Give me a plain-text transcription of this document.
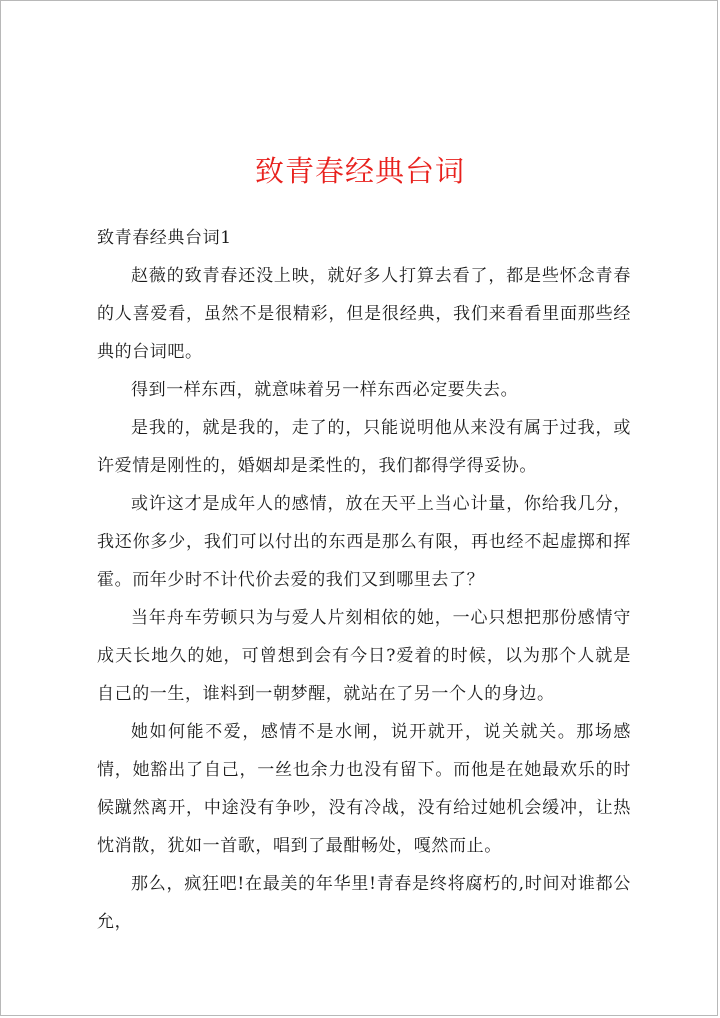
致青春经典台词

致青春经典台词1

赵薇的致青春还没上映，就好多人打算去看了，都是些怀念青春的人喜爱看，虽然不是很精彩，但是很经典，我们来看看里面那些经典的台词吧。

得到一样东西，就意味着另一样东西必定要失去。

是我的，就是我的，走了的，只能说明他从来没有属于过我，或许爱情是刚性的，婚姻却是柔性的，我们都得学得妥协。

或许这才是成年人的感情，放在天平上当心计量，你给我几分，我还你多少，我们可以付出的东西是那么有限，再也经不起虚掷和挥霍。而年少时不计代价去爱的我们又到哪里去了？

当年舟车劳顿只为与爱人片刻相依的她，一心只想把那份感情守成天长地久的她，可曾想到会有今日?爱着的时候，以为那个人就是自己的一生，谁料到一朝梦醒，就站在了另一个人的身边。

她如何能不爱，感情不是水闸，说开就开，说关就关。那场感情，她豁出了自己，一丝也余力也没有留下。而他是在她最欢乐的时候蹴然离开，中途没有争吵，没有冷战，没有给过她机会缓冲，让热忱消散，犹如一首歌，唱到了最酣畅处，嘎然而止。

那么，疯狂吧!在最美的年华里!青春是终将腐朽的,时间对谁都公允，
